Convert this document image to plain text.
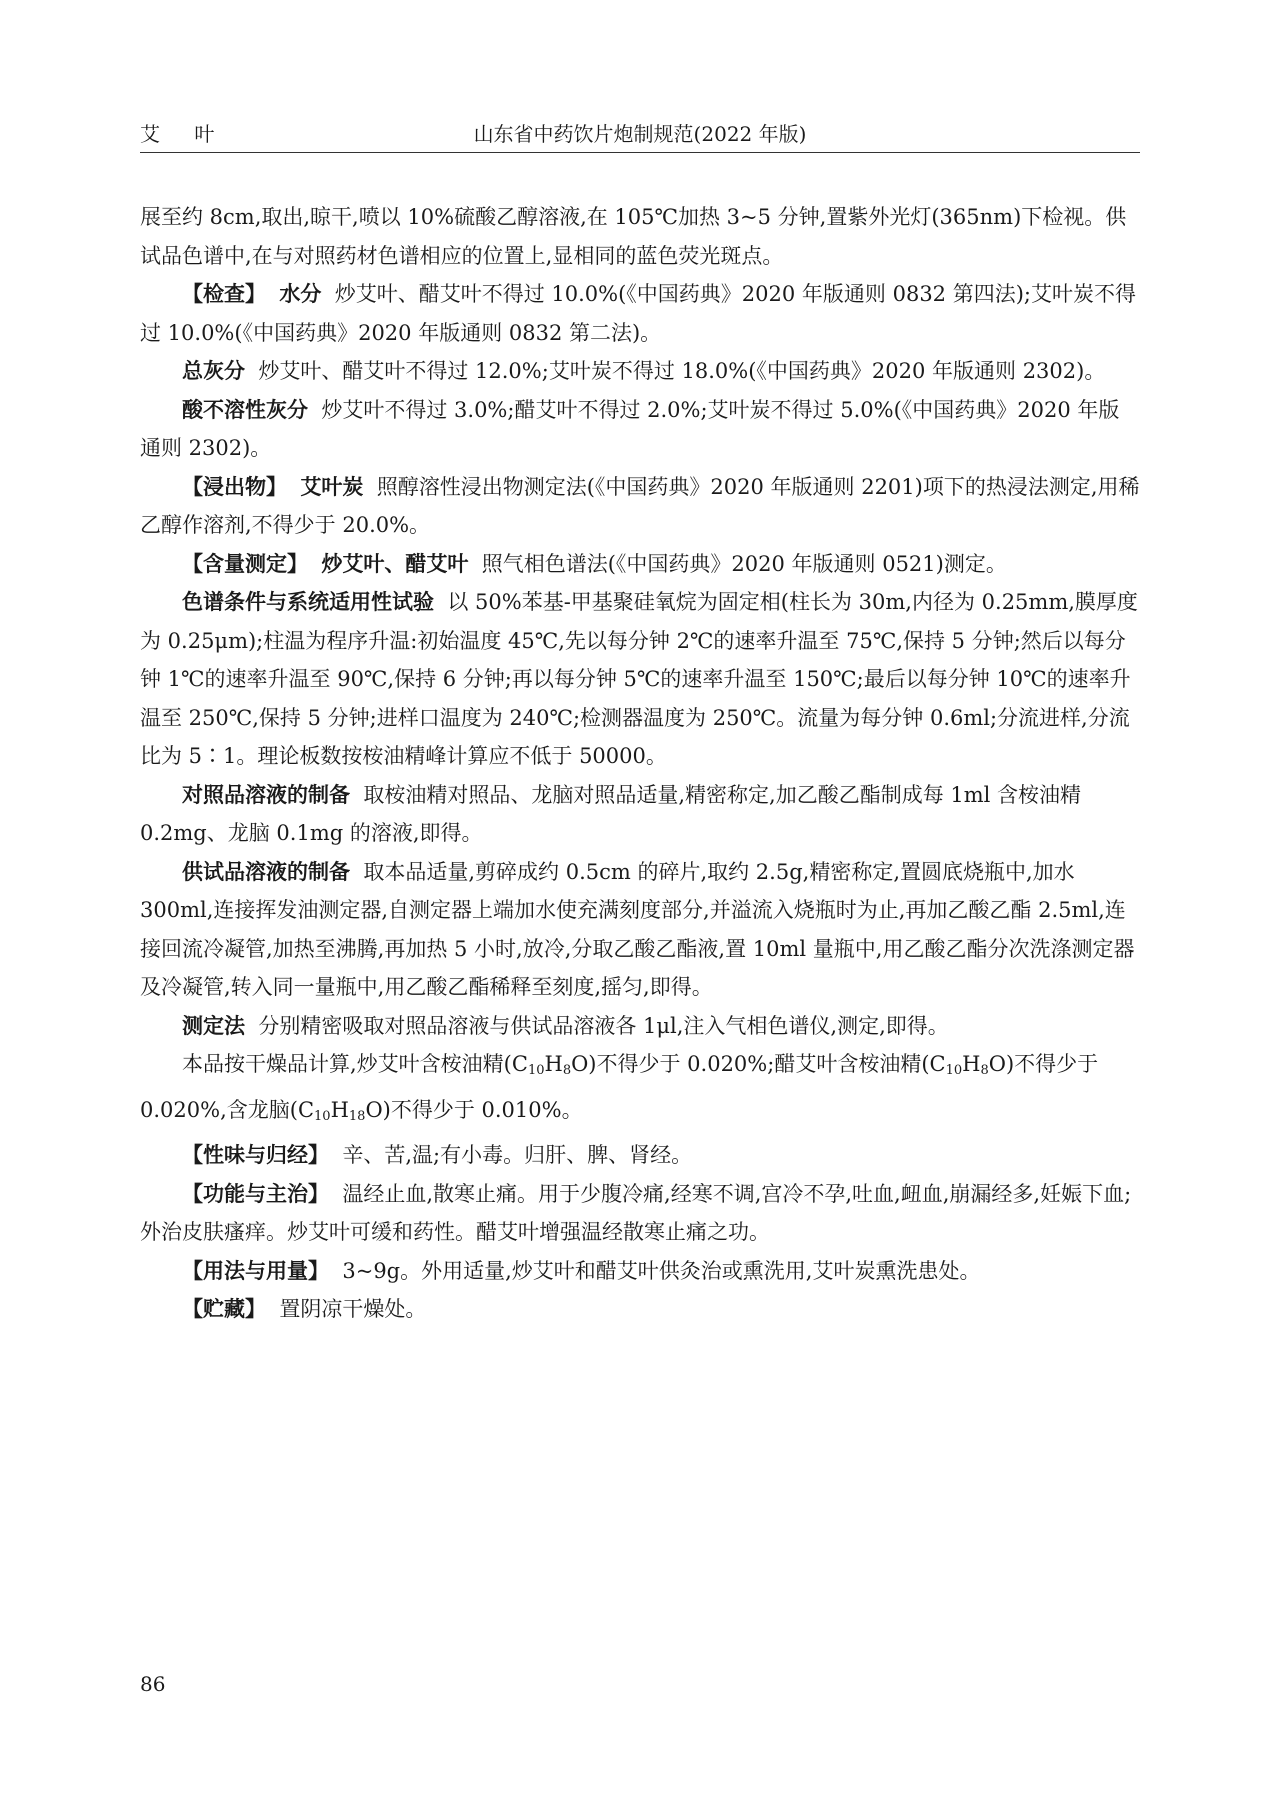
艾 叶	山东省中药饮片炮制规范(2022 年版)

展至约 8cm,取出,晾干,喷以 10%硫酸乙醇溶液,在 105℃加热 3~5 分钟,置紫外光灯(365nm)下检视。供试品色谱中,在与对照药材色谱相应的位置上,显相同的蓝色荧光斑点。

【检查】 水分 炒艾叶、醋艾叶不得过 10.0%(《中国药典》2020 年版通则 0832 第四法);艾叶炭不得过 10.0%(《中国药典》2020 年版通则 0832 第二法)。

总灰分 炒艾叶、醋艾叶不得过 12.0%;艾叶炭不得过 18.0%(《中国药典》2020 年版通则 2302)。

酸不溶性灰分 炒艾叶不得过 3.0%;醋艾叶不得过 2.0%;艾叶炭不得过 5.0%(《中国药典》2020 年版通则 2302)。

【浸出物】 艾叶炭 照醇溶性浸出物测定法(《中国药典》2020 年版通则 2201)项下的热浸法测定,用稀乙醇作溶剂,不得少于 20.0%。

【含量测定】 炒艾叶、醋艾叶 照气相色谱法(《中国药典》2020 年版通则 0521)测定。

色谱条件与系统适用性试验 以 50%苯基-甲基聚硅氧烷为固定相(柱长为 30m,内径为 0.25mm,膜厚度为 0.25μm);柱温为程序升温:初始温度 45℃,先以每分钟 2℃的速率升温至 75℃,保持 5 分钟;然后以每分钟 1℃的速率升温至 90℃,保持 6 分钟;再以每分钟 5℃的速率升温至 150℃;最后以每分钟 10℃的速率升温至 250℃,保持 5 分钟;进样口温度为 240℃;检测器温度为 250℃。流量为每分钟 0.6ml;分流进样,分流比为 5∶1。理论板数按桉油精峰计算应不低于 50000。

对照品溶液的制备 取桉油精对照品、龙脑对照品适量,精密称定,加乙酸乙酯制成每 1ml 含桉油精 0.2mg、龙脑 0.1mg 的溶液,即得。

供试品溶液的制备 取本品适量,剪碎成约 0.5cm 的碎片,取约 2.5g,精密称定,置圆底烧瓶中,加水 300ml,连接挥发油测定器,自测定器上端加水使充满刻度部分,并溢流入烧瓶时为止,再加乙酸乙酯 2.5ml,连接回流冷凝管,加热至沸腾,再加热 5 小时,放冷,分取乙酸乙酯液,置 10ml 量瓶中,用乙酸乙酯分次洗涤测定器及冷凝管,转入同一量瓶中,用乙酸乙酯稀释至刻度,摇匀,即得。

测定法 分别精密吸取对照品溶液与供试品溶液各 1μl,注入气相色谱仪,测定,即得。

本品按干燥品计算,炒艾叶含桉油精$(C_{10}H_8O)$不得少于 0.020%;醋艾叶含桉油精$(C_{10}H_8O)$不得少于 0.020%,含龙脑$(C_{10}H_{18}O)$不得少于 0.010%。

【性味与归经】 辛、苦,温;有小毒。归肝、脾、肾经。

【功能与主治】 温经止血,散寒止痛。用于少腹冷痛,经寒不调,宫冷不孕,吐血,衄血,崩漏经多,妊娠下血;外治皮肤瘙痒。炒艾叶可缓和药性。醋艾叶增强温经散寒止痛之功。

【用法与用量】 3~9g。外用适量,炒艾叶和醋艾叶供灸治或熏洗用,艾叶炭熏洗患处。

【贮藏】 置阴凉干燥处。

86
